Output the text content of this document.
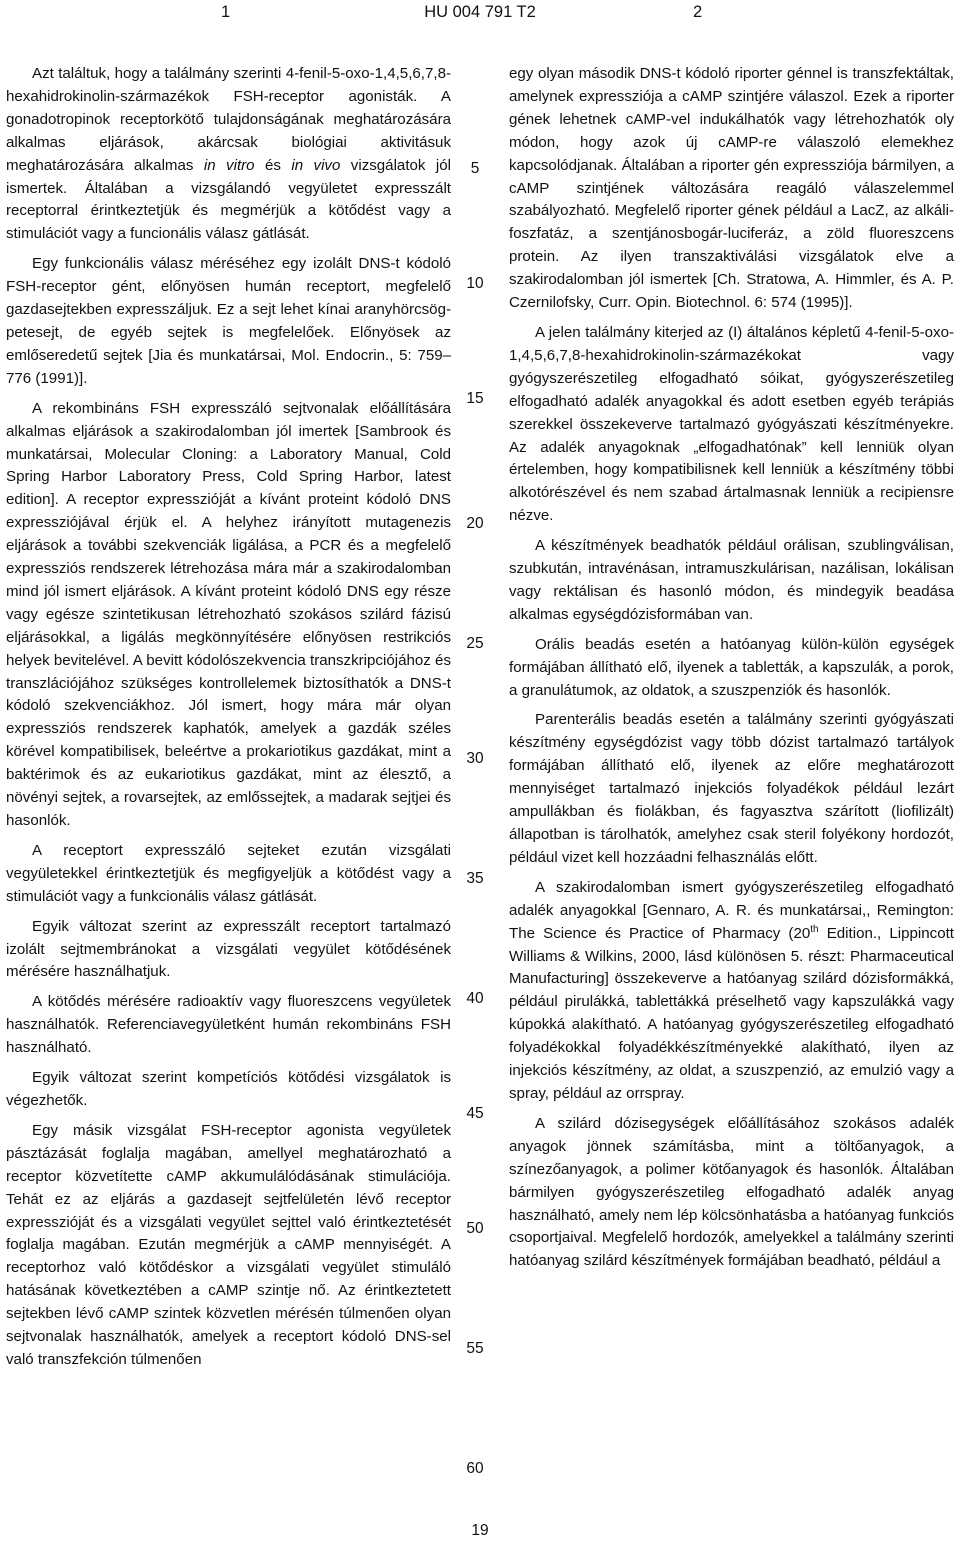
HU 004 791 T2
1	2

Azt találtuk, hogy a találmány szerinti 4-fenil-5-oxo-1,4,5,6,7,8-hexahidrokinolin-származékok FSH-receptor agonisták. A gonadotropinok receptorkötő tulajdonságának meghatározására alkalmas eljárások, akárcsak biológiai aktivitásuk meghatározására alkalmas in vitro és in vivo vizsgálatok jól ismertek. Általában a vizsgálandó vegyületet expresszált receptorral érintkeztetjük és megmérjük a kötődést vagy a stimulációt vagy a funcionális válasz gátlását.

Egy funkcionális válasz méréséhez egy izolált DNS-t kódoló FSH-receptor gént, előnyösen humán receptort, megfelelő gazdasejtekben expresszáljuk. Ez a sejt lehet kínai aranyhörcsög-petesejt, de egyéb sejtek is megfelelőek. Előnyösek az emlőseredetű sejtek [Jia és munkatársai, Mol. Endocrin., 5: 759–776 (1991)].

A rekombináns FSH expresszáló sejtvonalak előállítására alkalmas eljárások a szakirodalomban jól imertek [Sambrook és munkatársai, Molecular Cloning: a Laboratory Manual, Cold Spring Harbor Laboratory Press, Cold Spring Harbor, latest edition]. A receptor expresszióját a kívánt proteint kódoló DNS expressziójával érjük el. A helyhez irányított mutagenezis eljárások a további szekvenciák ligálása, a PCR és a megfelelő expressziós rendszerek létrehozása mára már a szakirodalomban mind jól ismert eljárások. A kívánt proteint kódoló DNS egy része vagy egésze szintetikusan létrehozható szokásos szilárd fázisú eljárásokkal, a ligálás megkönnyítésére előnyösen restrikciós helyek bevitelével. A bevitt kódolószekvencia transzkripciójához és transzlációjához szükséges kontrollelemek biztosíthatók a DNS-t kódoló szekvenciákhoz. Jól ismert, hogy mára már olyan expressziós rendszerek kaphatók, amelyek a gazdák széles körével kompatibilisek, beleértve a prokariotikus gazdákat, mint a baktérimok és az eukariotikus gazdákat, mint az élesztő, a növényi sejtek, a rovarsejtek, az emlőssejtek, a madarak sejtjei és hasonlók.

A receptort expresszáló sejteket ezután vizsgálati vegyületekkel érintkeztetjük és megfigyeljük a kötődést vagy a stimulációt vagy a funkcionális válasz gátlását.

Egyik változat szerint az expresszált receptort tartalmazó izolált sejtmembránokat a vizsgálati vegyület kötődésének mérésére használhatjuk.

A kötődés mérésére radioaktív vagy fluoreszcens vegyületek használhatók. Referenciavegyületként humán rekombináns FSH használható.

Egyik változat szerint kompetíciós kötődési vizsgálatok is végezhetők.

Egy másik vizsgálat FSH-receptor agonista vegyületek pásztázását foglalja magában, amellyel meghatározható a receptor közvetítette cAMP akkumulálódásának stimulációja. Tehát ez az eljárás a gazdasejt sejtfelületén lévő receptor expresszióját és a vizsgálati vegyület sejttel való érintkeztetését foglalja magában. Ezután megmérjük a cAMP mennyiségét. A receptorhoz való kötődéskor a vizsgálati vegyület stimuláló hatásának következtében a cAMP szintje nő. Az érintkeztetett sejtekben lévő cAMP szintek közvetlen mérésén túlmenően olyan sejtvonalak használhatók, amelyek a receptort kódoló DNS-sel való transzfekción túlmenően

egy olyan második DNS-t kódoló riporter génnel is transzfektáltak, amelynek expressziója a cAMP szintjére válaszol. Ezek a riporter gének lehetnek cAMP-vel indukálhatók vagy létrehozhatók oly módon, hogy azok új cAMP-re válaszoló elemekhez kapcsolódjanak. Általában a riporter gén expressziója bármilyen, a cAMP szintjének változására reagáló válaszelemmel szabályozható. Megfelelő riporter gének például a LacZ, az alkáli-foszfatáz, a szentjánosbogár-luciferáz, a zöld fluoreszcens protein. Az ilyen transzaktiválási vizsgálatok elve a szakirodalomban jól ismertek [Ch. Stratowa, A. Himmler, és A. P. Czernilofsky, Curr. Opin. Biotechnol. 6: 574 (1995)].

A jelen találmány kiterjed az (I) általános képletű 4-fenil-5-oxo-1,4,5,6,7,8-hexahidrokinolin-származékokat vagy gyógyszerészetileg elfogadható sóikat, gyógyszerészetileg elfogadható adalék anyagokkal és adott esetben egyéb terápiás szerekkel összekeverve tartalmazó gyógyászati készítményekre. Az adalék anyagoknak „elfogadhatónak” kell lenniük olyan értelemben, hogy kompatibilisnek kell lenniük a készítmény többi alkotórészével és nem szabad ártalmasnak lenniük a recipiensre nézve.

A készítmények beadhatók például orálisan, szublingválisan, szubkután, intravénásan, intramuszkulárisan, nazálisan, lokálisan vagy rektálisan és hasonló módon, és mindegyik beadása alkalmas egységdózisformában van.

Orális beadás esetén a hatóanyag külön-külön egységek formájában állítható elő, ilyenek a tabletták, a kapszulák, a porok, a granulátumok, az oldatok, a szuszpenziók és hasonlók.

Parenterális beadás esetén a találmány szerinti gyógyászati készítmény egységdózist vagy több dózist tartalmazó tartályok formájában állítható elő, ilyenek az előre meghatározott mennyiséget tartalmazó injekciós folyadékok például lezárt ampullákban és fiolákban, és fagyasztva szárított (liofilizált) állapotban is tárolhatók, amelyhez csak steril folyékony hordozót, például vizet kell hozzáadni felhasználás előtt.

A szakirodalomban ismert gyógyszerészetileg elfogadható adalék anyagokkal [Gennaro, A. R. és munkatársai,, Remington: The Science és Practice of Pharmacy (20th Edition., Lippincott Williams & Wilkins, 2000, lásd különösen 5. részt: Pharmaceutical Manufacturing] összekeverve a hatóanyag szilárd dózisformákká, például pirulákká, tablettákká préselhető vagy kapszulákká vagy kúpokká alakítható. A hatóanyag gyógyszerészetileg elfogadható folyadékokkal folyadékkészítményekké alakítható, ilyen az injekciós készítmény, az oldat, a szuszpenzió, az emulzió vagy a spray, például az orrspray.

A szilárd dózisegységek előállításához szokásos adalék anyagok jönnek számításba, mint a töltőanyagok, a színezőanyagok, a polimer kötőanyagok és hasonlók. Általában bármilyen gyógyszerészetileg elfogadható adalék anyag használható, amely nem lép kölcsönhatásba a hatóanyag funkciós csoportjaival. Megfelelő hordozók, amelyekkel a találmány szerinti hatóanyag szilárd készítmények formájában beadható, például a

5
10
15
20
25
30
35
40
45
50
55
60
19
